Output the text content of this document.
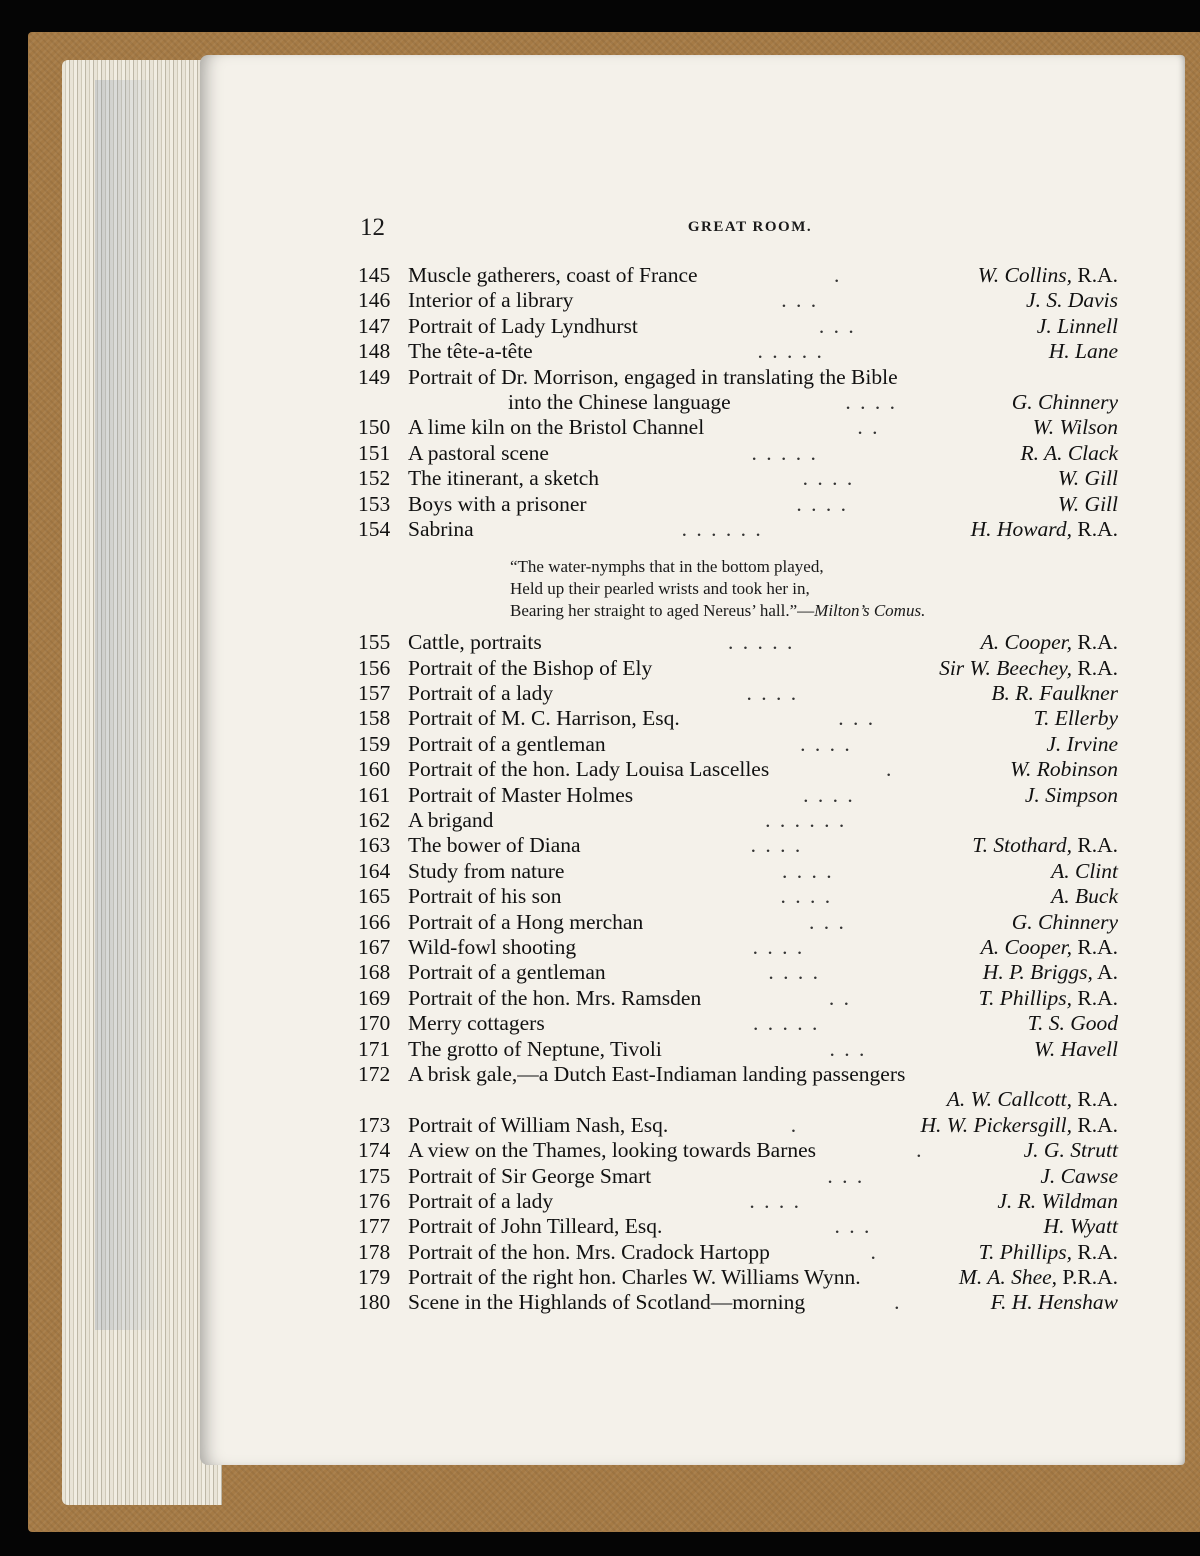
12	GREAT ROOM.
145 Muscle gatherers, coast of France	.	W. Collins, R.A.
146 Interior of a library	. . .	J. S. Davis
147 Portrait of Lady Lyndhurst	. . .	J. Linnell
148 The tête-a-tête	. . . . .	H. Lane
149 Portrait of Dr. Morrison, engaged in translating the Bible
into the Chinese language	. . . .	G. Chinnery
150 A lime kiln on the Bristol Channel	. .	W. Wilson
151 A pastoral scene	. . . . .	R. A. Clack
152 The itinerant, a sketch	. . . .	W. Gill
153 Boys with a prisoner	. . . .	W. Gill
154 Sabrina	. . . . . .	H. Howard, R.A.
“The water-nymphs that in the bottom played,
Held up their pearled wrists and took her in,
Bearing her straight to aged Nereus’ hall.”—Milton’s Comus.
155 Cattle, portraits	. . . . .	A. Cooper, R.A.
156 Portrait of the Bishop of Ely	Sir W. Beechey, R.A.
157 Portrait of a lady	. . . .	B. R. Faulkner
158 Portrait of M. C. Harrison, Esq.	. . .	T. Ellerby
159 Portrait of a gentleman	. . . .	J. Irvine
160 Portrait of the hon. Lady Louisa Lascelles	.	W. Robinson
161 Portrait of Master Holmes	. . . .	J. Simpson
162 A brigand	. . . . . .
163 The bower of Diana	. . . .	T. Stothard, R.A.
164 Study from nature	. . . .	A. Clint
165 Portrait of his son	. . . .	A. Buck
166 Portrait of a Hong merchan	. . .	G. Chinnery
167 Wild-fowl shooting	. . . .	A. Cooper, R.A.
168 Portrait of a gentleman	. . . .	H. P. Briggs, A.
169 Portrait of the hon. Mrs. Ramsden	. .	T. Phillips, R.A.
170 Merry cottagers	. . . . .	T. S. Good
171 The grotto of Neptune, Tivoli	. . .	W. Havell
172 A brisk gale,—a Dutch East-Indiaman landing passengers
A. W. Callcott, R.A.
173 Portrait of William Nash, Esq.	.	H. W. Pickersgill, R.A.
174 A view on the Thames, looking towards Barnes	.	J. G. Strutt
175 Portrait of Sir George Smart	. . .	J. Cawse
176 Portrait of a lady	. . . .	J. R. Wildman
177 Portrait of John Tilleard, Esq.	. . .	H. Wyatt
178 Portrait of the hon. Mrs. Cradock Hartopp	.	T. Phillips, R.A.
179 Portrait of the right hon. Charles W. Williams Wynn.	M. A. Shee, P.R.A.
180 Scene in the Highlands of Scotland—morning	.	F. H. Henshaw
